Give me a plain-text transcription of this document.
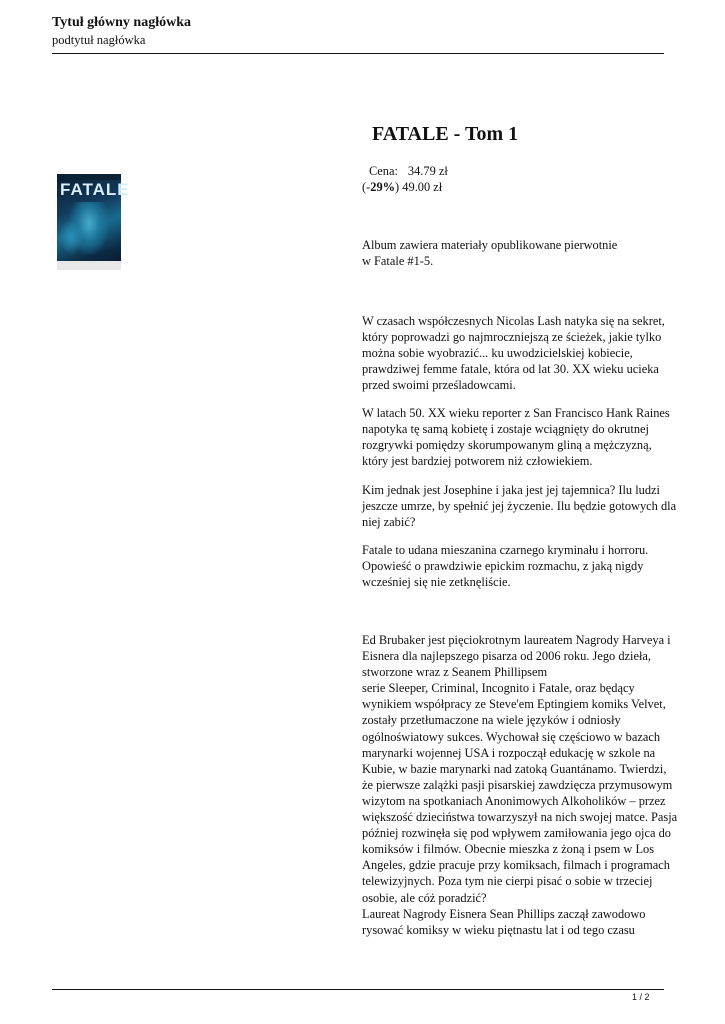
Tytuł główny nagłówka
podtytuł nagłówka
FATALE
FATALE - Tom 1
Cena: 34.79 zł
(-29%) 49.00 zł
Album zawiera materiały opublikowane pierwotnie
w Fatale #1-5.
W czasach współczesnych Nicolas Lash natyka się na sekret,
który poprowadzi go najmroczniejszą ze ścieżek, jakie tylko
można sobie wyobrazić... ku uwodzicielskiej kobiecie,
prawdziwej femme fatale, która od lat 30. XX wieku ucieka
przed swoimi prześladowcami.
W latach 50. XX wieku reporter z San Francisco Hank Raines
napotyka tę samą kobietę i zostaje wciągnięty do okrutnej
rozgrywki pomiędzy skorumpowanym gliną a mężczyzną,
który jest bardziej potworem niż człowiekiem.
Kim jednak jest Josephine i jaka jest jej tajemnica? Ilu ludzi
jeszcze umrze, by spełnić jej życzenie. Ilu będzie gotowych dla
niej zabić?
Fatale to udana mieszanina czarnego kryminału i horroru.
Opowieść o prawdziwie epickim rozmachu, z jaką nigdy
wcześniej się nie zetknęliście.
Ed Brubaker jest pięciokrotnym laureatem Nagrody Harveya i
Eisnera dla najlepszego pisarza od 2006 roku. Jego dzieła,
stworzone wraz z Seanem Phillipsem
serie Sleeper, Criminal, Incognito i Fatale, oraz będący
wynikiem współpracy ze Steve'em Eptingiem komiks Velvet,
zostały przetłumaczone na wiele języków i odniosły
ogólnoświatowy sukces. Wychował się częściowo w bazach
marynarki wojennej USA i rozpoczął edukację w szkole na
Kubie, w bazie marynarki nad zatoką Guantánamo. Twierdzi,
że pierwsze zalążki pasji pisarskiej zawdzięcza przymusowym
wizytom na spotkaniach Anonimowych Alkoholików – przez
większość dzieciństwa towarzyszył na nich swojej matce. Pasja
później rozwinęła się pod wpływem zamiłowania jego ojca do
komiksów i filmów. Obecnie mieszka z żoną i psem w Los
Angeles, gdzie pracuje przy komiksach, filmach i programach
telewizyjnych. Poza tym nie cierpi pisać o sobie w trzeciej
osobie, ale cóż poradzić?
Laureat Nagrody Eisnera Sean Phillips zaczął zawodowo
rysować komiksy w wieku piętnastu lat i od tego czasu
1 / 2
